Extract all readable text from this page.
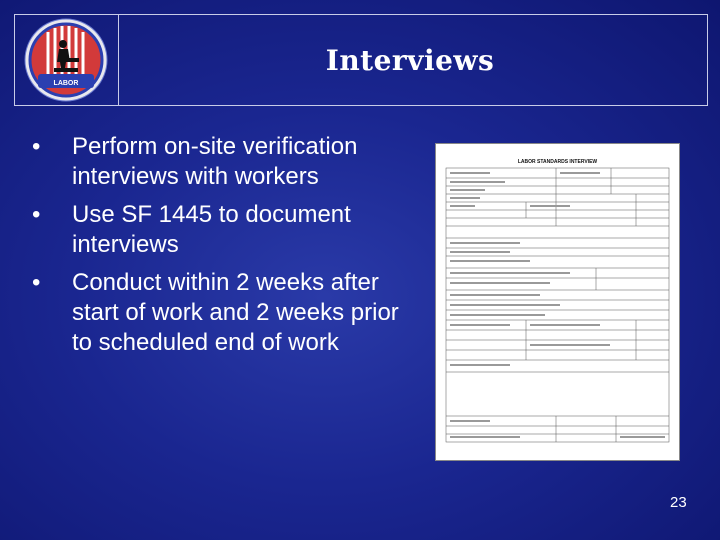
LABOR
Interviews
• Perform on-site verification interviews with workers
• Use SF 1445 to document interviews
• Conduct within 2 weeks after start of work and 2 weeks prior to scheduled end of work
LABOR STANDARDS INTERVIEW
23
